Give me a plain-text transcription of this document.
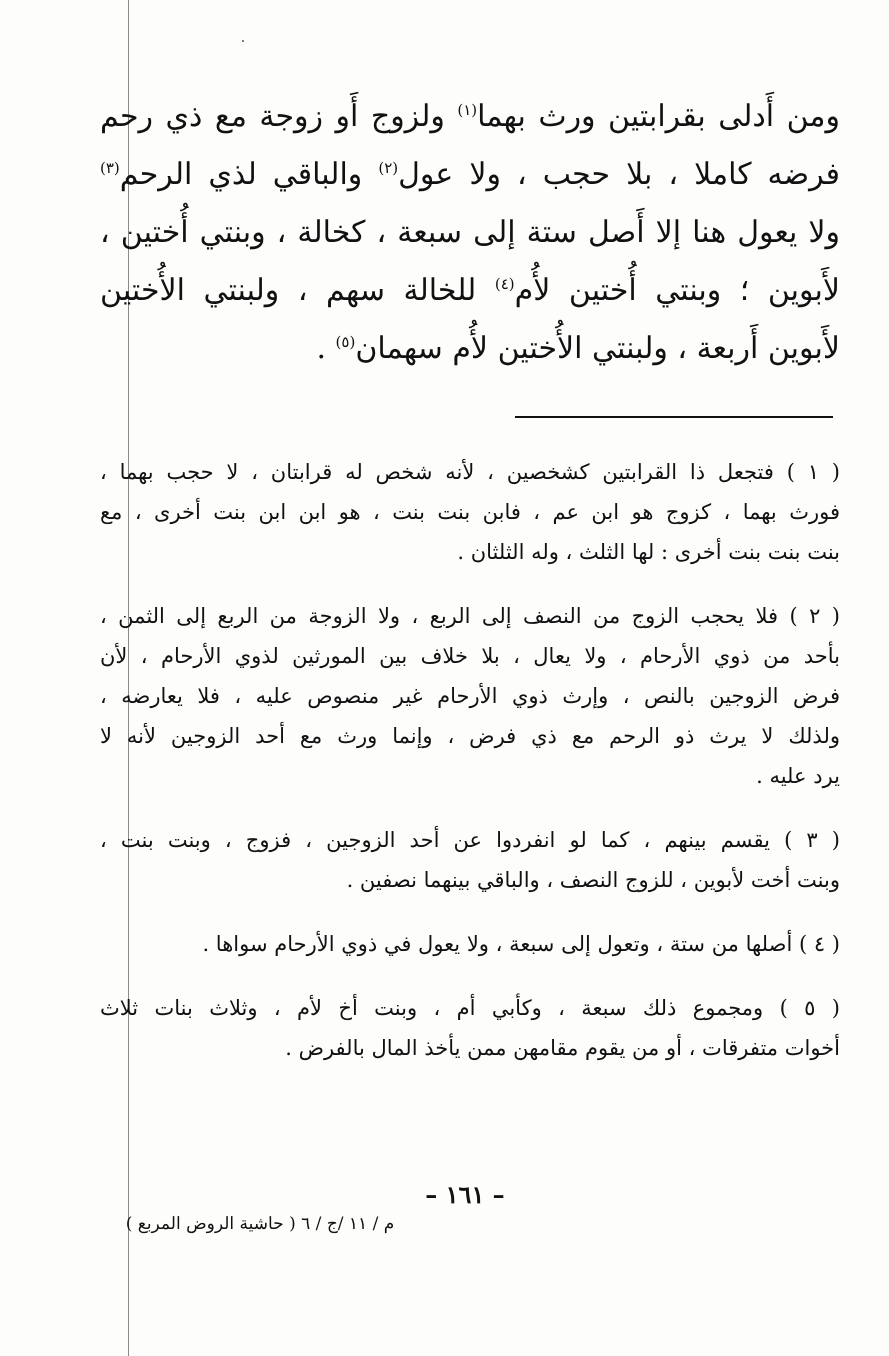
ومن أَدلى بقرابتين ورث بهما$^{(١)}$ ولزوج أَو زوجة مع ذي رحم
فرضه كاملا ، بلا حجب ، ولا عول$^{(٢)}$ والباقي لذي الرحم$^{(٣)}$
ولا يعول هنا إلا أَصل ستة إلى سبعة ، كخالة ، وبنتي أُختين ،
لأَبوين ؛ وبنتي أُختين لأُم$^{(٤)}$ للخالة سهم ، ولبنتي الأُختين
لأَبوين أَربعة ، ولبنتي الأُختين لأُم سهمان$^{(٥)}$ .
( ١ ) فتجعل ذا القرابتين كشخصين ، لأنه شخص له قرابتان ، لا حجب بهما ،
فورث بهما ، كزوج هو ابن عم ، فابن بنت بنت ، هو ابن ابن بنت أخرى ، مع
بنت بنت بنت أخرى : لها الثلث ، وله الثلثان .
( ٢ ) فلا يحجب الزوج من النصف إلى الربع ، ولا الزوجة من الربع إلى الثمن ،
بأحد من ذوي الأرحام ، ولا يعال ، بلا خلاف بين المورثين لذوي الأرحام ، لأن
فرض الزوجين بالنص ، وإرث ذوي الأرحام غير منصوص عليه ، فلا يعارضه ،
ولذلك لا يرث ذو الرحم مع ذي فرض ، وإنما ورث مع أحد الزوجين لأنه لا
يرد عليه .
( ٣ ) يقسم بينهم ، كما لو انفردوا عن أحد الزوجين ، فزوج ، وبنت بنت ،
وبنت أخت لأبوين ، للزوج النصف ، والباقي بينهما نصفين .
( ٤ ) أصلها من ستة ، وتعول إلى سبعة ، ولا يعول في ذوي الأرحام سواها .
( ٥ ) ومجموع ذلك سبعة ، وكأبي أم ، وبنت أخ لأم ، وثلاث بنات ثلاث
أخوات متفرقات ، أو من يقوم مقامهن ممن يأخذ المال بالفرض .
– ١٦١ –
م / ١١ /ج / ٦ ( حاشية الروض المربع )
